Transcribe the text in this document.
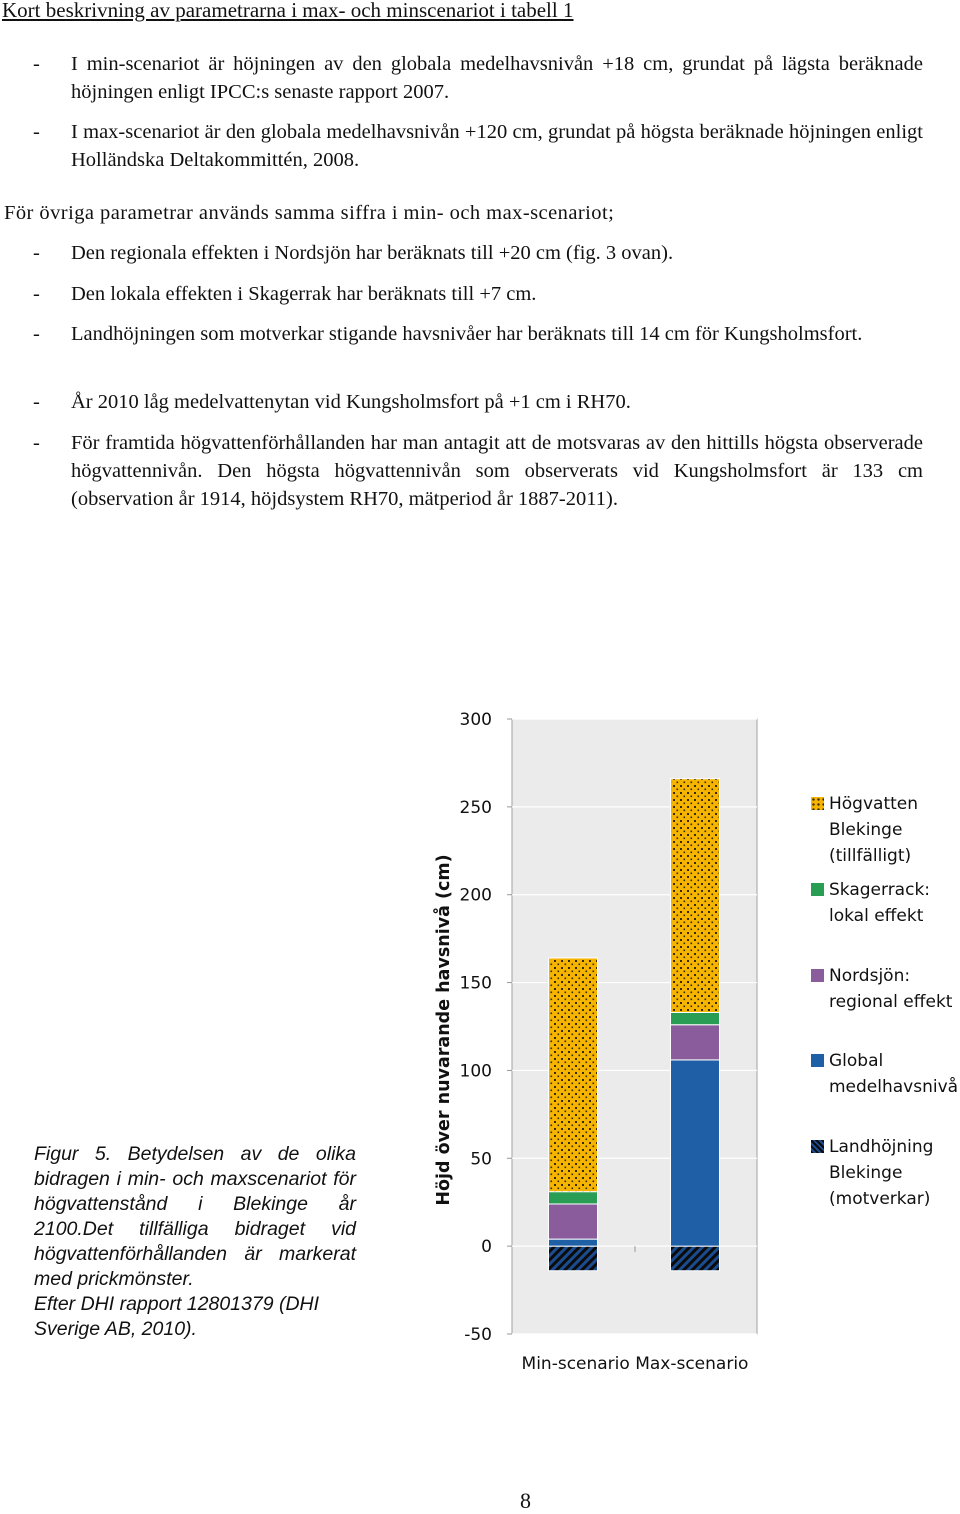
Kort beskrivning av parametrarna i max- och minscenariot i tabell 1
- I min-scenariot är höjningen av den globala medelhavsnivån +18 cm, grundat på lägsta beräknade höjningen enligt IPCC:s senaste rapport 2007.
- I max-scenariot är den globala medelhavsnivån +120 cm, grundat på högsta beräknade höjningen enligt Holländska Deltakommittén, 2008.
För övriga parametrar används samma siffra i min- och max-scenariot;
- Den regionala effekten i Nordsjön har beräknats till +20 cm (fig. 3 ovan).
- Den lokala effekten i Skagerrak har beräknats till +7 cm.
- Landhöjningen som motverkar stigande havsnivåer har beräknats till 14 cm för Kungsholmsfort.
- År 2010 låg medelvattenytan vid Kungsholmsfort på +1 cm i RH70.
- För framtida högvattenförhållanden har man antagit att de motsvaras av den hittills högsta observerade högvattennivån. Den högsta högvattennivån som observerats vid Kungsholmsfort är 133 cm (observation år 1914, höjdsystem RH70, mätperiod år 1887-2011).
-50
0
50
100
150
200
250
300
Höjd över nuvarande havsnivå (cm)
Min-scenario Max-scenario
Högvatten Blekinge (tillfälligt)
Skagerrack: lokal effekt
Nordsjön: regional effekt
Global medelhavsnivå
Landhöjning Blekinge (motverkar)
Figur 5. Betydelsen av de olika bidragen i min- och maxscenariot för högvattenstånd i Blekinge år 2100.Det tillfälliga bidraget vid högvattenförhållanden är markerat med prickmönster.
Efter DHI rapport 12801379 (DHI Sverige AB, 2010).
8
